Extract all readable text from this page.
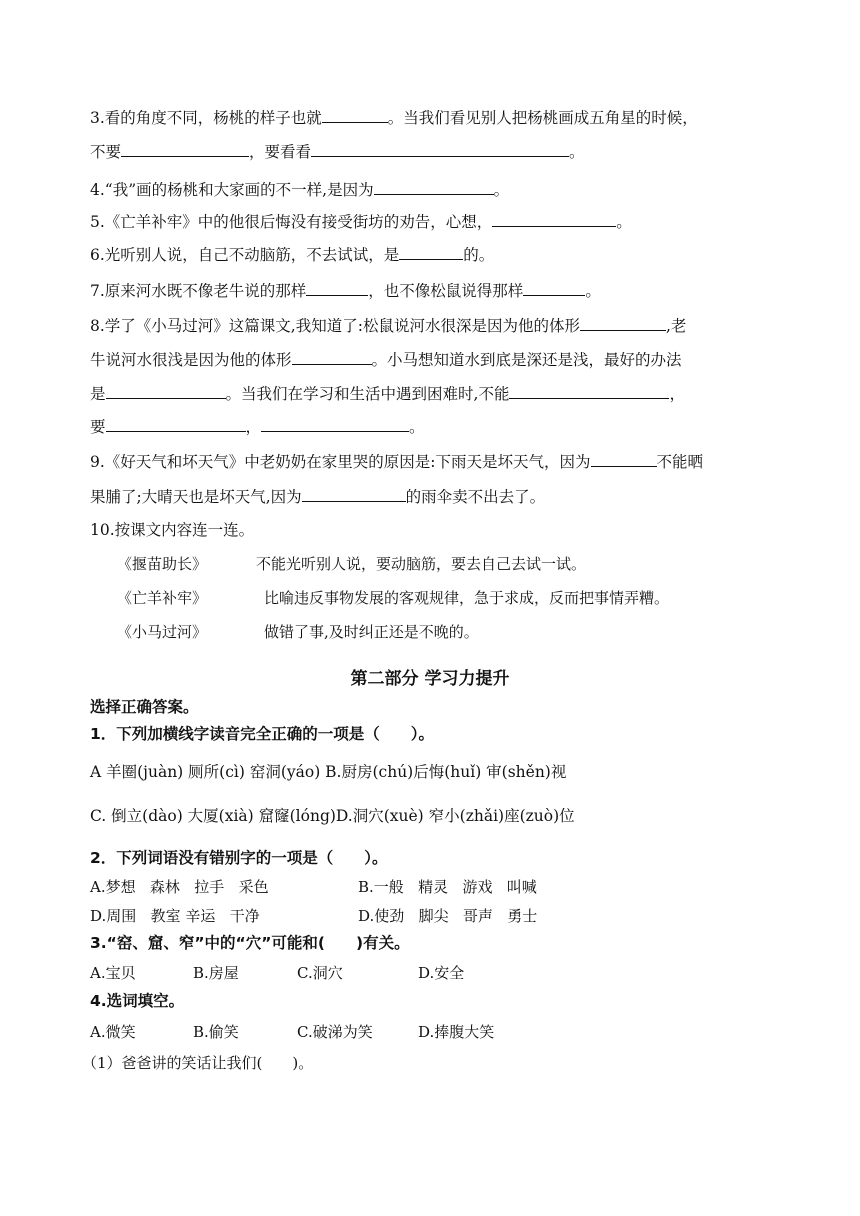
3.看的角度不同，杨桃的样子也就	。当我们看见别人把杨桃画成五角星的时候，
不要	，要看看	。
4.“我”画的杨桃和大家画的不一样,是因为	。
5.《亡羊补牢》中的他很后悔没有接受街坊的劝告，心想，	。
6.光听别人说，自己不动脑筋，不去试试，是	的。
7.原来河水既不像老牛说的那样	，也不像松鼠说得那样	。
8.学了《小马过河》这篇课文,我知道了:松鼠说河水很深是因为他的体形	,老
牛说河水很浅是因为他的体形	。小马想知道水到底是深还是浅，最好的办法
是	。当我们在学习和生活中遇到困难时,不能	，
要	，	。
9.《好天气和坏天气》中老奶奶在家里哭的原因是:下雨天是坏天气，因为	不能晒
果脯了;大晴天也是坏天气,因为	的雨伞卖不出去了。
10.按课文内容连一连。
《揠苗助长》	不能光听别人说，要动脑筋，要去自己去试一试。
《亡羊补牢》	比喻违反事物发展的客观规律，急于求成，反而把事情弄糟。
《小马过河》	做错了事,及时纠正还是不晚的。
第二部分 学习力提升
选择正确答案。
1．下列加横线字读音完全正确的一项是（　　）。
A 羊圈(juàn) 厕所(cì) 窑洞(yáo) B.厨房(chú)后悔(huǐ) 审(shěn)视
C. 倒立(dào) 大厦(xià) 窟窿(lóng)D.洞穴(xuè) 窄小(zhǎi)座(zuò)位
2．下列词语没有错别字的一项是（　　）。
A.梦想 森林 拉手 采色	B.一般 精灵 游戏 叫喊
D.周围 教室 辛运 干净	D.使劲 脚尖 哥声 勇士
3.“窑、窟、窄”中的“穴”可能和(　　)有关。
A.宝贝	B.房屋	C.洞穴	D.安全
4.选词填空。
A.微笑	B.偷笑	C.破涕为笑	D.捧腹大笑
（1）爸爸讲的笑话让我们(　　)。
